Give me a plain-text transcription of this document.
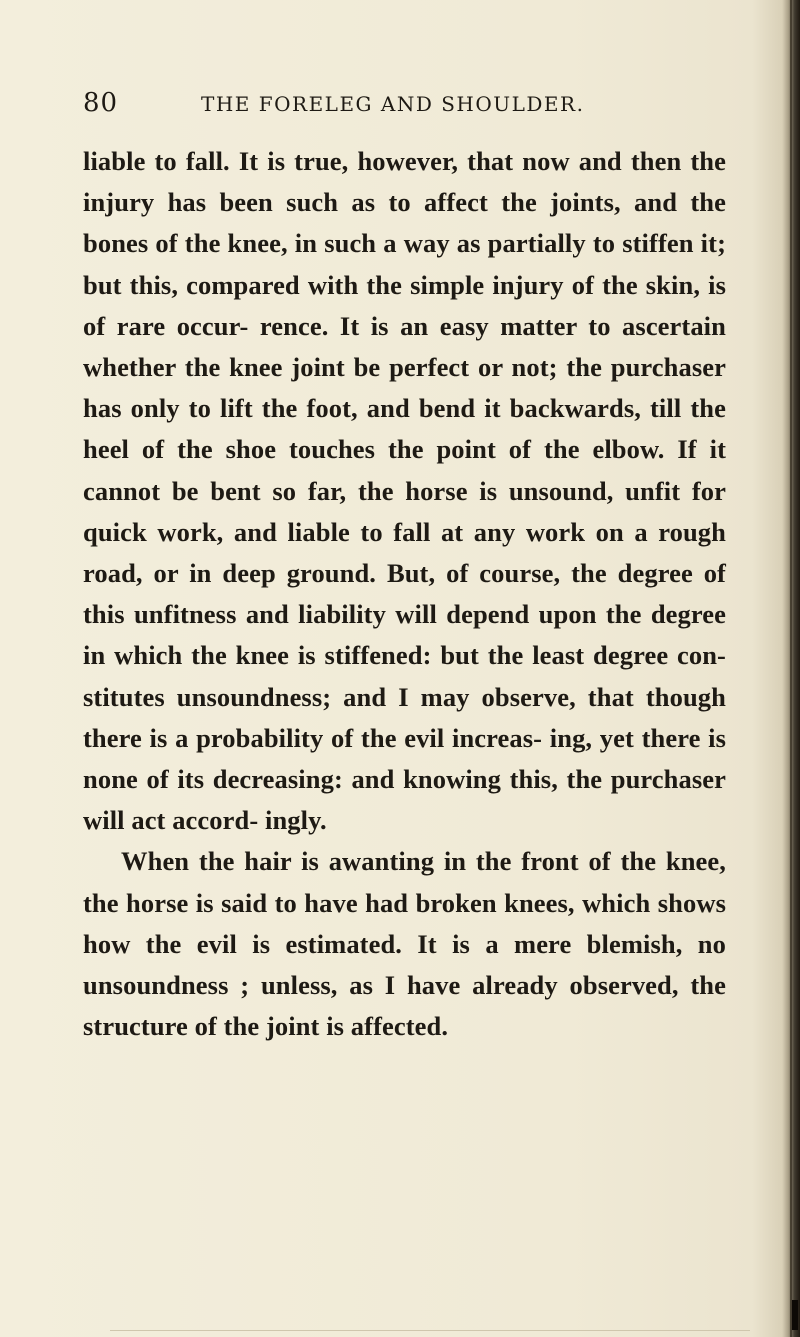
80	THE FORELEG AND SHOULDER.

liable to fall. It is true, however, that now and then the injury has been such as to affect the joints, and the bones of the knee, in such a way as partially to stiffen it; but this, compared with the simple injury of the skin, is of rare occur- rence. It is an easy matter to ascertain whether the knee joint be perfect or not; the purchaser has only to lift the foot, and bend it backwards, till the heel of the shoe touches the point of the elbow. If it cannot be bent so far, the horse is unsound, unfit for quick work, and liable to fall at any work on a rough road, or in deep ground. But, of course, the degree of this unfitness and liability will depend upon the degree in which the knee is stiffened: but the least degree con- stitutes unsoundness; and I may observe, that though there is a probability of the evil increas- ing, yet there is none of its decreasing: and knowing this, the purchaser will act accord- ingly.

When the hair is awanting in the front of the knee, the horse is said to have had broken knees, which shows how the evil is estimated. It is a mere blemish, no unsoundness ; unless, as I have already observed, the structure of the joint is affected.
